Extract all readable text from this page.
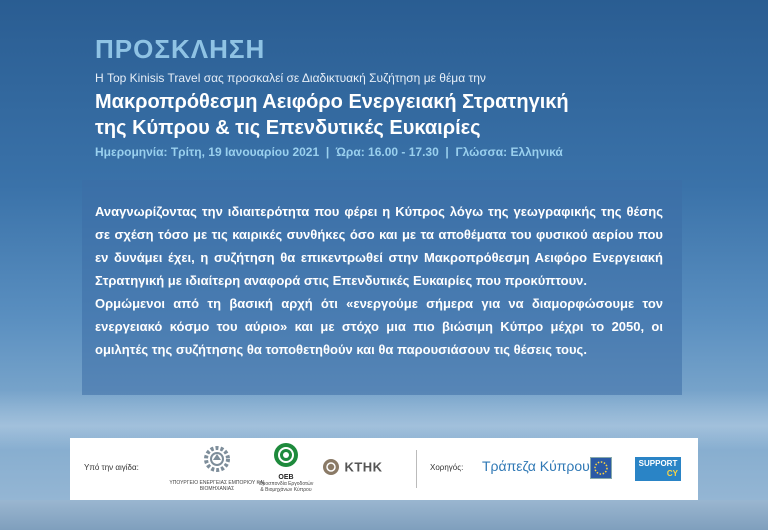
ΠΡΟΣΚΛΗΣΗ
Η Top Kinisis Travel σας προσκαλεί σε Διαδικτυακή Συζήτηση με θέμα την
Μακροπρόθεσμη Αειφόρο Ενεργειακή Στρατηγική
της Κύπρου & τις Επενδυτικές Ευκαιρίες
Ημερομηνία: Τρίτη, 19 Ιανουαρίου 2021  |  Ώρα: 16.00 - 17.30  |  Γλώσσα: Ελληνικά

Αναγνωρίζοντας την ιδιαιτερότητα που φέρει η Κύπρος λόγω της γεωγραφικής της θέσης σε σχέση τόσο με τις καιρικές συνθήκες όσο και με τα αποθέματα του φυσικού αερίου που εν δυνάμει έχει, η συζήτηση θα επικεντρωθεί στην Μακροπρόθεσμη Αειφόρο Ενεργειακή Στρατηγική με ιδιαίτερη αναφορά στις Επενδυτικές Ευκαιρίες που προκύπτουν.

Ορμώμενοι από τη βασική αρχή ότι «ενεργούμε σήμερα για να διαμορφώσουμε τον ενεργειακό κόσμο του αύριο» και με στόχο μια πιο βιώσιμη Κύπρο μέχρι το 2050, οι ομιλητές της συζήτησης θα τοποθετηθούν και θα παρουσιάσουν τις θέσεις τους.

Υπό την αιγίδα:
ΥΠΟΥΡΓΕΙΟ ΕΝΕΡΓΕΙΑΣ ΕΜΠΟΡΙΟΥ ΚΑΙ ΒΙΟΜΗΧΑΝΙΑΣ
ΟΕΒ
Ομοσπονδία Εργοδοτών & Βιομηχάνων Κύπρου
ΚΤΗΚ	Χορηγός: Τράπεζα Κύπρου	SUPPORT
CY
